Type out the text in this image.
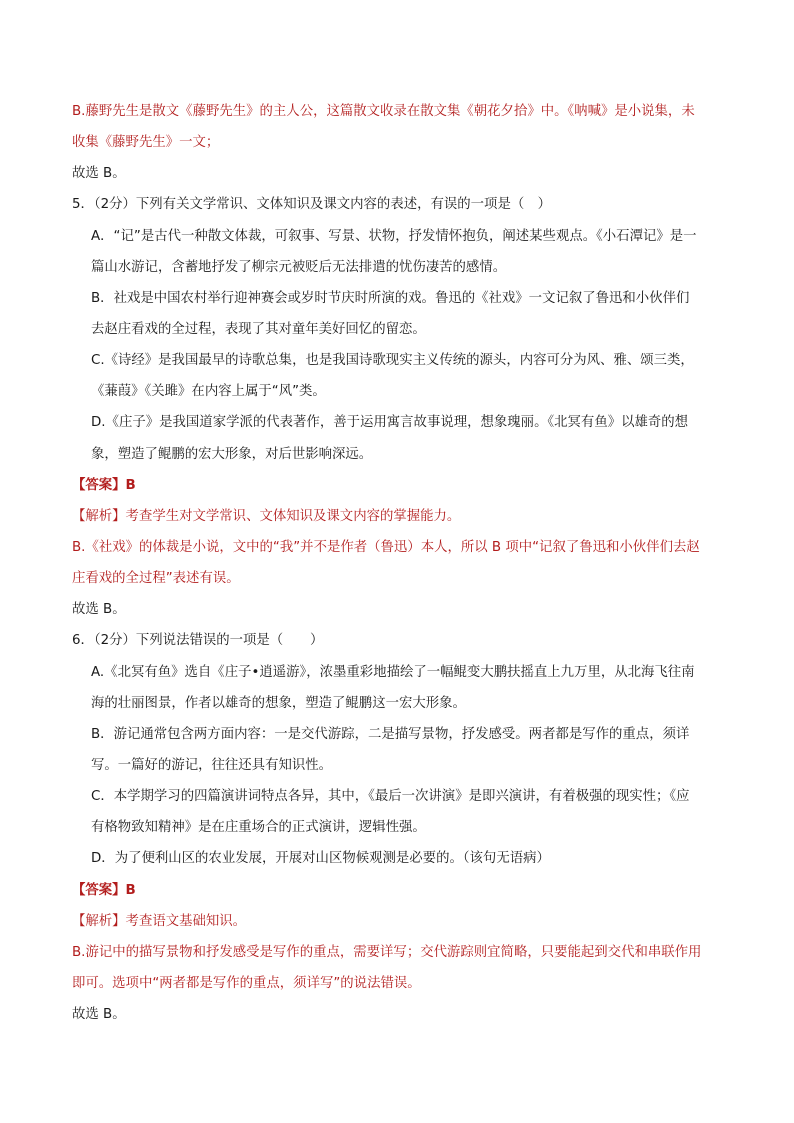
B.藤野先生是散文《藤野先生》的主人公，这篇散文收录在散文集《朝花夕拾》中。《呐喊》是小说集，未
收集《藤野先生》一文；
故选 B。
5．（2分）下列有关文学常识、文体知识及课文内容的表述，有误的一项是（　）
A．“记”是古代一种散文体裁，可叙事、写景、状物，抒发情怀抱负，阐述某些观点。《小石潭记》是一
篇山水游记，含蓄地抒发了柳宗元被贬后无法排遣的忧伤凄苦的感情。
B．社戏是中国农村举行迎神赛会或岁时节庆时所演的戏。鲁迅的《社戏》一文记叙了鲁迅和小伙伴们
去赵庄看戏的全过程，表现了其对童年美好回忆的留恋。
C.《诗经》是我国最早的诗歌总集，也是我国诗歌现实主义传统的源头，内容可分为风、雅、颂三类，
《蒹葭》《关雎》在内容上属于“风”类。
D.《庄子》是我国道家学派的代表著作，善于运用寓言故事说理，想象瑰丽。《北冥有鱼》以雄奇的想
象，塑造了鲲鹏的宏大形象，对后世影响深远。
【答案】B
【解析】考查学生对文学常识、文体知识及课文内容的掌握能力。
B.《社戏》的体裁是小说，文中的“我”并不是作者（鲁迅）本人，所以 B 项中“记叙了鲁迅和小伙伴们去赵
庄看戏的全过程”表述有误。
故选 B。
6．（2分）下列说法错误的一项是（　　）
A.《北冥有鱼》选自《庄子•逍遥游》，浓墨重彩地描绘了一幅鲲变大鹏扶摇直上九万里，从北海飞往南
海的壮丽图景，作者以雄奇的想象，塑造了鲲鹏这一宏大形象。
B．游记通常包含两方面内容：一是交代游踪，二是描写景物，抒发感受。两者都是写作的重点，须详
写。一篇好的游记，往往还具有知识性。
C．本学期学习的四篇演讲词特点各异，其中，《最后一次讲演》是即兴演讲，有着极强的现实性；《应
有格物致知精神》是在庄重场合的正式演讲，逻辑性强。
D．为了便利山区的农业发展，开展对山区物候观测是必要的。（该句无语病）
【答案】B
【解析】考查语文基础知识。
B.游记中的描写景物和抒发感受是写作的重点，需要详写；交代游踪则宜简略，只要能起到交代和串联作用
即可。选项中“两者都是写作的重点，须详写”的说法错误。
故选 B。
